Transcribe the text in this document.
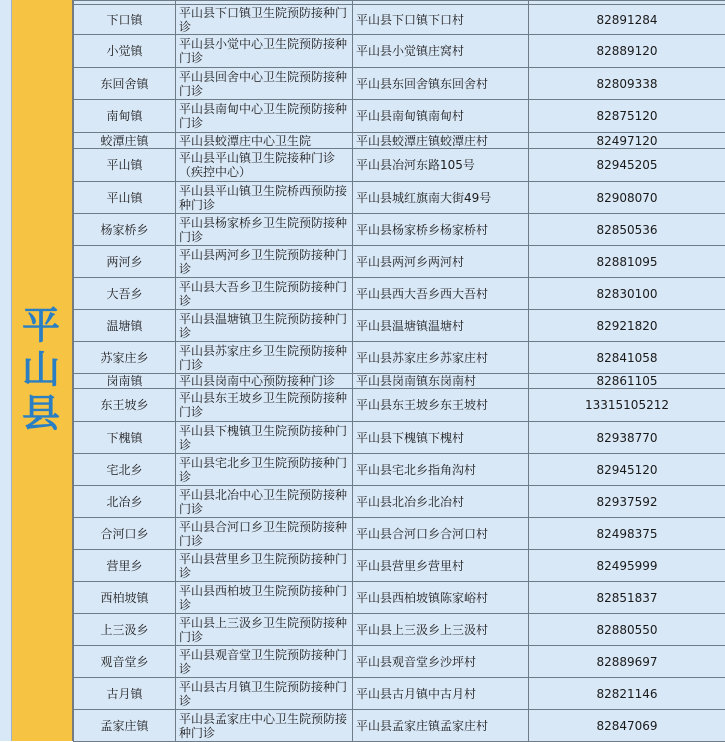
平山县

下口镇	平山县下口镇卫生院预防接种门诊	平山县下口镇下口村	82891284
小觉镇	平山县小觉中心卫生院预防接种门诊	平山县小觉镇庄窝村	82889120
东回舍镇	平山县回舍中心卫生院预防接种门诊	平山县东回舍镇东回舍村	82809338
南甸镇	平山县南甸中心卫生院预防接种门诊	平山县南甸镇南甸村	82875120
蛟潭庄镇	平山县蛟潭庄中心卫生院	平山县蛟潭庄镇蛟潭庄村	82497120
平山镇	平山县平山镇卫生院接种门诊（疾控中心）	平山县冶河东路105号	82945205
平山镇	平山县平山镇卫生院桥西预防接种门诊	平山县城红旗南大街49号	82908070
杨家桥乡	平山县杨家桥乡卫生院预防接种门诊	平山县杨家桥乡杨家桥村	82850536
两河乡	平山县两河乡卫生院预防接种门诊	平山县两河乡两河村	82881095
大吾乡	平山县大吾乡卫生院预防接种门诊	平山县西大吾乡西大吾村	82830100
温塘镇	平山县温塘镇卫生院预防接种门诊	平山县温塘镇温塘村	82921820
苏家庄乡	平山县苏家庄乡卫生院预防接种门诊	平山县苏家庄乡苏家庄村	82841058
岗南镇	平山县岗南中心预防接种门诊	平山县岗南镇东岗南村	82861105
东王坡乡	平山县东王坡乡卫生院预防接种门诊	平山县东王坡乡东王坡村	13315105212
下槐镇	平山县下槐镇卫生院预防接种门诊	平山县下槐镇下槐村	82938770
宅北乡	平山县宅北乡卫生院预防接种门诊	平山县宅北乡指角沟村	82945120
北冶乡	平山县北冶中心卫生院预防接种门诊	平山县北冶乡北冶村	82937592
合河口乡	平山县合河口乡卫生院预防接种门诊	平山县合河口乡合河口村	82498375
营里乡	平山县营里乡卫生院预防接种门诊	平山县营里乡营里村	82495999
西柏坡镇	平山县西柏坡卫生院预防接种门诊	平山县西柏坡镇陈家峪村	82851837
上三汲乡	平山县上三汲乡卫生院预防接种门诊	平山县上三汲乡上三汲村	82880550
观音堂乡	平山县观音堂卫生院预防接种门诊	平山县观音堂乡沙坪村	82889697
古月镇	平山县古月镇卫生院预防接种门诊	平山县古月镇中古月村	82821146
孟家庄镇	平山县孟家庄中心卫生院预防接种门诊	平山县孟家庄镇孟家庄村	82847069
